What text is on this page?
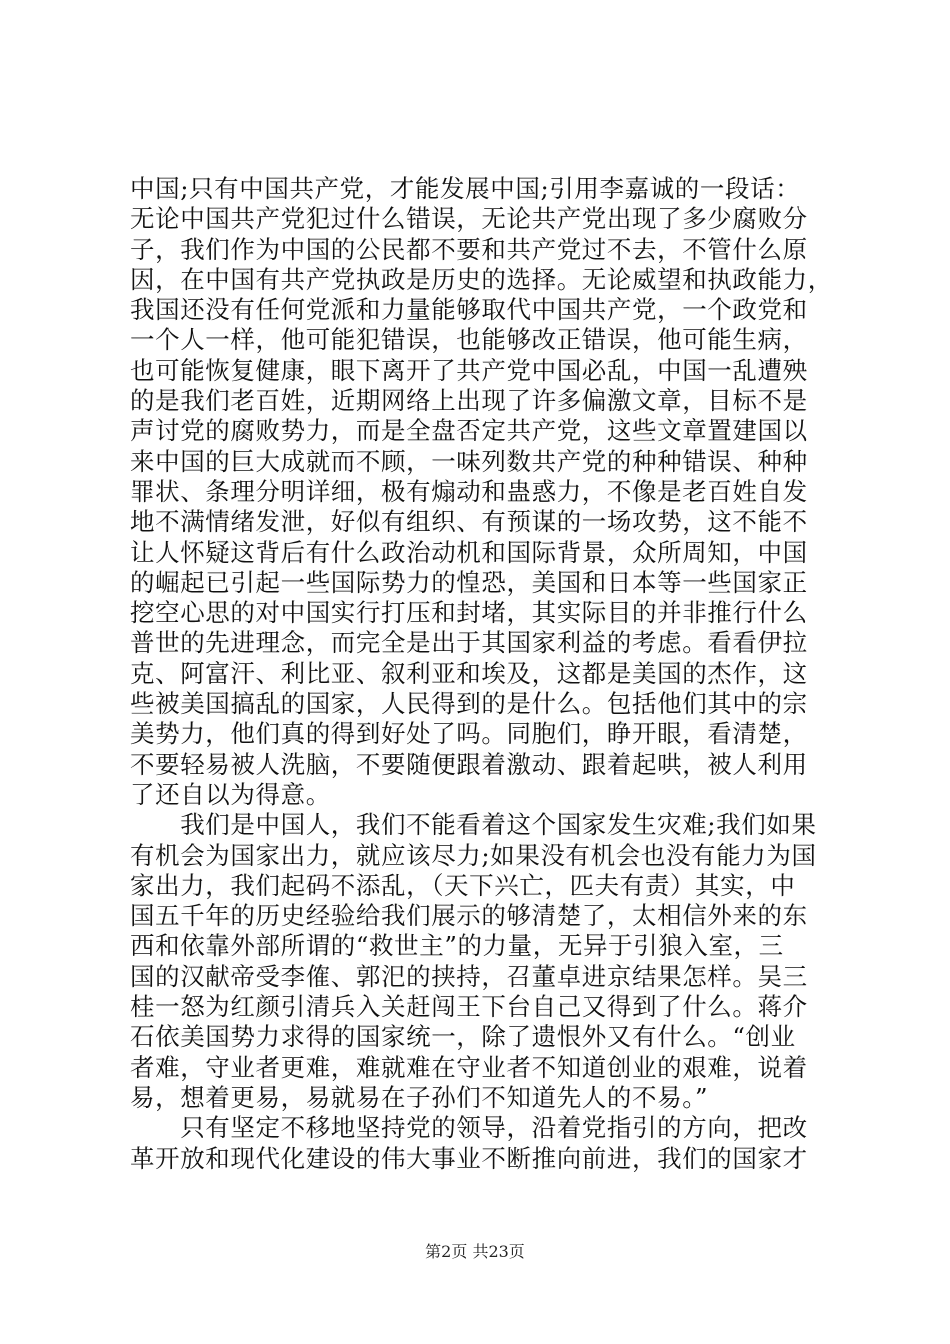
中国;只有中国共产党，才能发展中国;引用李嘉诚的一段话：
无论中国共产党犯过什么错误，无论共产党出现了多少腐败分
子，我们作为中国的公民都不要和共产党过不去，不管什么原
因，在中国有共产党执政是历史的选择。无论威望和执政能力，
我国还没有任何党派和力量能够取代中国共产党，一个政党和
一个人一样，他可能犯错误，也能够改正错误，他可能生病，
也可能恢复健康，眼下离开了共产党中国必乱，中国一乱遭殃
的是我们老百姓，近期网络上出现了许多偏激文章，目标不是
声讨党的腐败势力，而是全盘否定共产党，这些文章置建国以
来中国的巨大成就而不顾，一味列数共产党的种种错误、种种
罪状、条理分明详细，极有煽动和蛊惑力，不像是老百姓自发
地不满情绪发泄，好似有组织、有预谋的一场攻势，这不能不
让人怀疑这背后有什么政治动机和国际背景，众所周知，中国
的崛起已引起一些国际势力的惶恐，美国和日本等一些国家正
挖空心思的对中国实行打压和封堵，其实际目的并非推行什么
普世的先进理念，而完全是出于其国家利益的考虑。看看伊拉
克、阿富汗、利比亚、叙利亚和埃及，这都是美国的杰作，这
些被美国搞乱的国家，人民得到的是什么。包括他们其中的宗
美势力，他们真的得到好处了吗。同胞们，睁开眼，看清楚，
不要轻易被人洗脑，不要随便跟着激动、跟着起哄，被人利用
了还自以为得意。
　　我们是中国人，我们不能看着这个国家发生灾难;我们如果
有机会为国家出力，就应该尽力;如果没有机会也没有能力为国
家出力，我们起码不添乱，（天下兴亡，匹夫有责）其实，中
国五千年的历史经验给我们展示的够清楚了，太相信外来的东
西和依靠外部所谓的“救世主”的力量，无异于引狼入室，三
国的汉献帝受李傕、郭汜的挟持，召董卓进京结果怎样。吴三
桂一怒为红颜引清兵入关赶闯王下台自己又得到了什么。蒋介
石依美国势力求得的国家统一，除了遗恨外又有什么。“创业
者难，守业者更难，难就难在守业者不知道创业的艰难，说着
易，想着更易，易就易在子孙们不知道先人的不易。”
　　只有坚定不移地坚持党的领导，沿着党指引的方向，把改
革开放和现代化建设的伟大事业不断推向前进，我们的国家才
第2页 共23页
